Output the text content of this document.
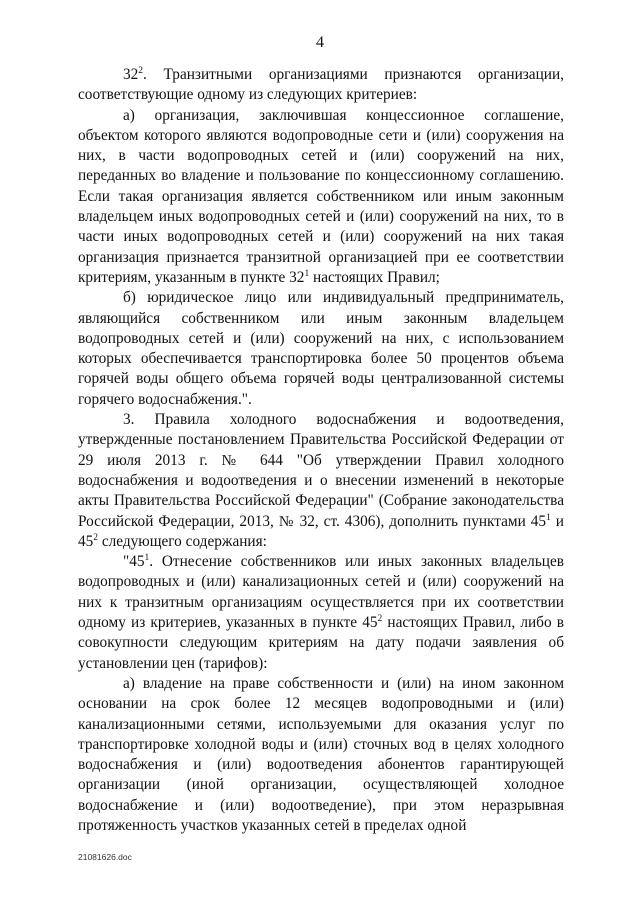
4

$32^2$. Транзитными организациями признаются организации, соответствующие одному из следующих критериев:

а) организация, заключившая концессионное соглашение, объектом которого являются водопроводные сети и (или) сооружения на них, в части водопроводных сетей и (или) сооружений на них, переданных во владение и пользование по концессионному соглашению. Если такая организация является собственником или иным законным владельцем иных водопроводных сетей и (или) сооружений на них, то в части иных водопроводных сетей и (или) сооружений на них такая организация признается транзитной организацией при ее соответствии критериям, указанным в пункте $32^1$ настоящих Правил;

б) юридическое лицо или индивидуальный предприниматель, являющийся собственником или иным законным владельцем водопроводных сетей и (или) сооружений на них, с использованием которых обеспечивается транспортировка более 50 процентов объема горячей воды общего объема горячей воды централизованной системы горячего водоснабжения.".

3. Правила холодного водоснабжения и водоотведения, утвержденные постановлением Правительства Российской Федерации от 29 июля 2013 г. № 644 "Об утверждении Правил холодного водоснабжения и водоотведения и о внесении изменений в некоторые акты Правительства Российской Федерации" (Собрание законодательства Российской Федерации, 2013, № 32, ст. 4306), дополнить пунктами $45^1$ и $45^2$ следующего содержания:

"$45^1$. Отнесение собственников или иных законных владельцев водопроводных и (или) канализационных сетей и (или) сооружений на них к транзитным организациям осуществляется при их соответствии одному из критериев, указанных в пункте $45^2$ настоящих Правил, либо в совокупности следующим критериям на дату подачи заявления об установлении цен (тарифов):

а) владение на праве собственности и (или) на ином законном основании на срок более 12 месяцев водопроводными и (или) канализационными сетями, используемыми для оказания услуг по транспортировке холодной воды и (или) сточных вод в целях холодного водоснабжения и (или) водоотведения абонентов гарантирующей организации (иной организации, осуществляющей холодное водоснабжение и (или) водоотведение), при этом неразрывная протяженность участков указанных сетей в пределах одной

21081626.doc
